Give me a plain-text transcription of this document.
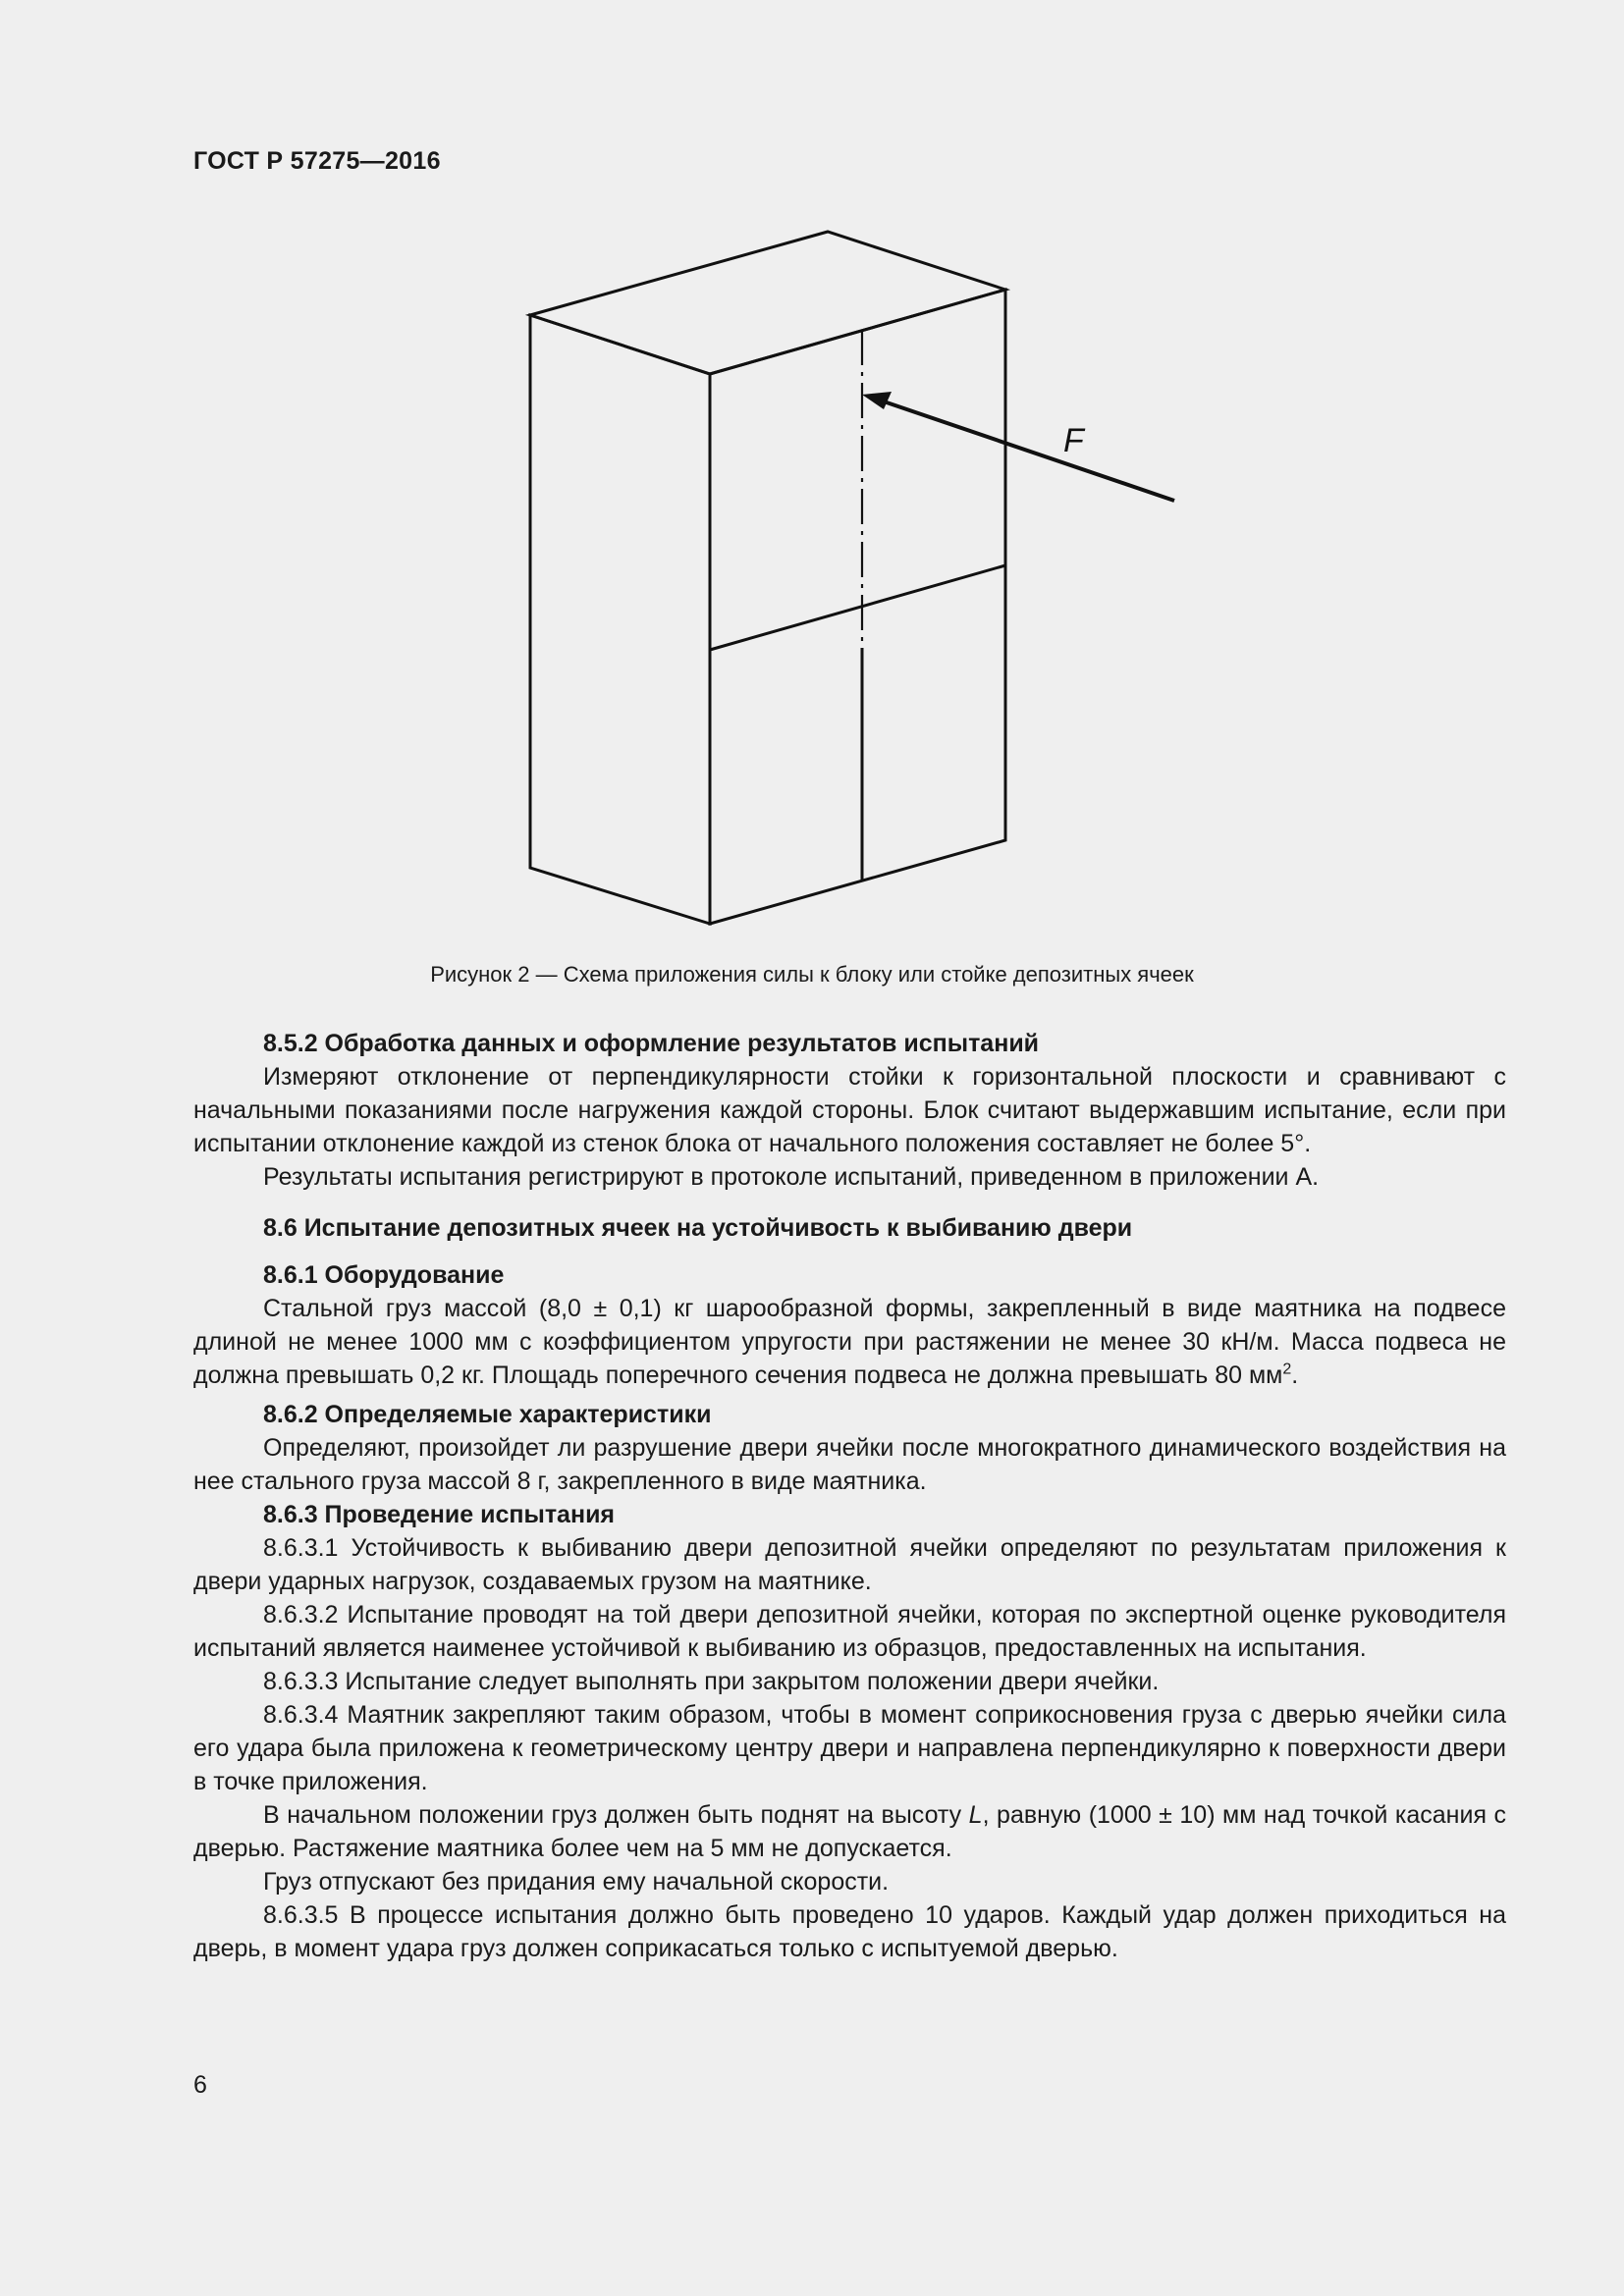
ГОСТ Р 57275—2016
F
Рисунок 2 — Схема приложения силы к блоку или стойке депозитных ячеек

8.5.2 Обработка данных и оформление результатов испытаний

Измеряют отклонение от перпендикулярности стойки к горизонтальной плоскости и сравнивают с начальными показаниями после нагружения каждой стороны. Блок считают выдержавшим испытание, если при испытании отклонение каждой из стенок блока от начального положения составляет не более 5°.

Результаты испытания регистрируют в протоколе испытаний, приведенном в приложении А.

8.6 Испытание депозитных ячеек на устойчивость к выбиванию двери

8.6.1 Оборудование

Стальной груз массой (8,0 ± 0,1) кг шарообразной формы, закрепленный в виде маятника на подвесе длиной не менее 1000 мм с коэффициентом упругости при растяжении не менее 30 кН/м. Масса подвеса не должна превышать 0,2 кг. Площадь поперечного сечения подвеса не должна превышать 80 $мм^2$.

8.6.2 Определяемые характеристики

Определяют, произойдет ли разрушение двери ячейки после многократного динамического воздействия на нее стального груза массой 8 г, закрепленного в виде маятника.

8.6.3 Проведение испытания

8.6.3.1 Устойчивость к выбиванию двери депозитной ячейки определяют по результатам приложения к двери ударных нагрузок, создаваемых грузом на маятнике.

8.6.3.2 Испытание проводят на той двери депозитной ячейки, которая по экспертной оценке руководителя испытаний является наименее устойчивой к выбиванию из образцов, предоставленных на испытания.

8.6.3.3 Испытание следует выполнять при закрытом положении двери ячейки.

8.6.3.4 Маятник закрепляют таким образом, чтобы в момент соприкосновения груза с дверью ячейки сила его удара была приложена к геометрическому центру двери и направлена перпендикулярно к поверхности двери в точке приложения.

В начальном положении груз должен быть поднят на высоту L, равную (1000 ± 10) мм над точкой касания с дверью. Растяжение маятника более чем на 5 мм не допускается.

Груз отпускают без придания ему начальной скорости.

8.6.3.5 В процессе испытания должно быть проведено 10 ударов. Каждый удар должен приходиться на дверь, в момент удара груз должен соприкасаться только с испытуемой дверью.

6
